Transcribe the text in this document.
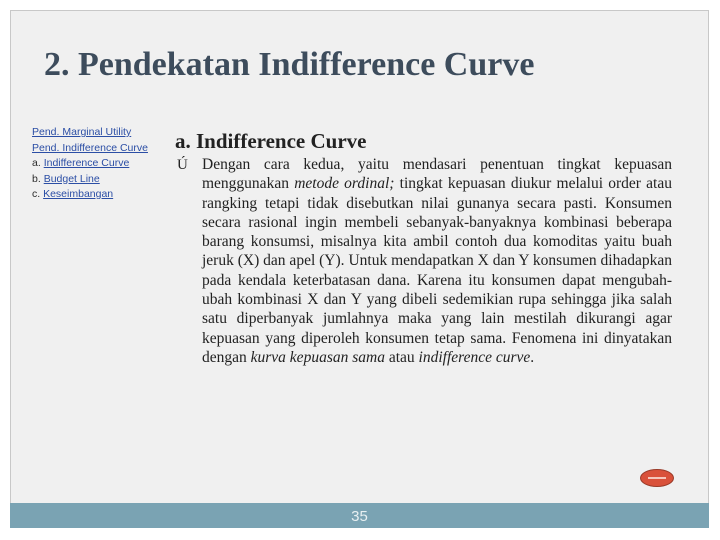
2. Pendekatan Indifference Curve
Pend. Marginal Utility
Pend. Indifference Curve
a. Indifference Curve
b. Budget Line
c. Keseimbangan
a. Indifference Curve
Ú Dengan cara kedua, yaitu mendasari penentuan tingkat kepuasan menggunakan metode ordinal; tingkat kepuasan diukur melalui order atau rangking tetapi tidak disebutkan nilai gunanya secara pasti. Konsumen secara rasional ingin membeli sebanyak-banyaknya kombinasi beberapa barang konsumsi, misalnya kita ambil contoh dua komoditas yaitu buah jeruk (X) dan apel (Y). Untuk mendapatkan X dan Y konsumen dihadapkan pada kendala keterbatasan dana. Karena itu konsumen dapat mengubah-ubah kombinasi X dan Y yang dibeli sedemikian rupa sehingga jika salah satu diperbanyak jumlahnya maka yang lain mestilah dikurangi agar kepuasan yang diperoleh konsumen tetap sama. Fenomena ini dinyatakan dengan kurva kepuasan sama atau indifference curve.
35
